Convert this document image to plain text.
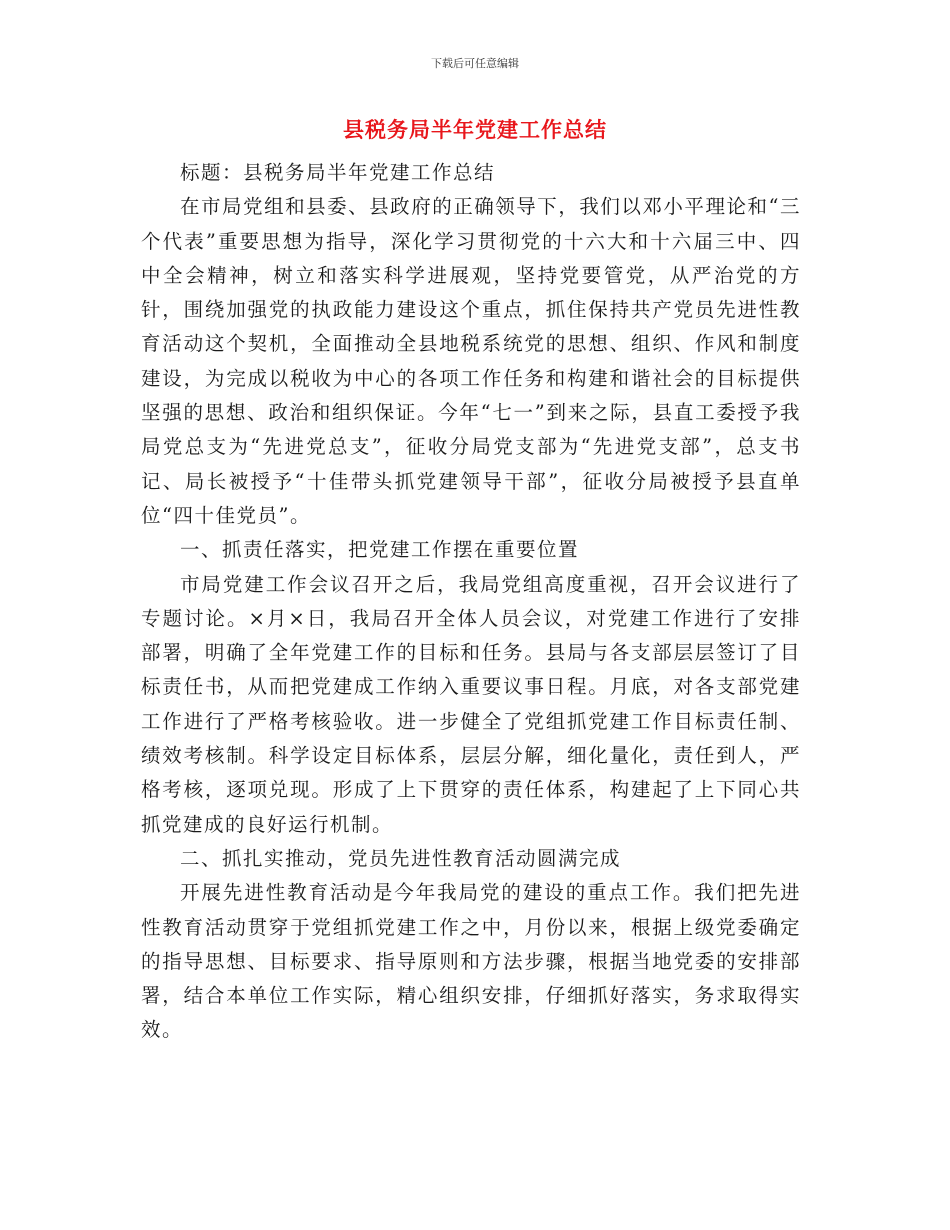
下载后可任意编辑
县税务局半年党建工作总结

标题：县税务局半年党建工作总结

在市局党组和县委、县政府的正确领导下，我们以邓小平理论和“三个代表”重要思想为指导，深化学习贯彻党的十六大和十六届三中、四中全会精神，树立和落实科学进展观，坚持党要管党，从严治党的方针，围绕加强党的执政能力建设这个重点，抓住保持共产党员先进性教育活动这个契机，全面推动全县地税系统党的思想、组织、作风和制度建设，为完成以税收为中心的各项工作任务和构建和谐社会的目标提供坚强的思想、政治和组织保证。今年“七一”到来之际，县直工委授予我局党总支为“先进党总支”，征收分局党支部为“先进党支部”，总支书记、局长被授予“十佳带头抓党建领导干部”，征收分局被授予县直单位“四十佳党员”。

一、抓责任落实，把党建工作摆在重要位置

市局党建工作会议召开之后，我局党组高度重视，召开会议进行了专题讨论。×月×日，我局召开全体人员会议，对党建工作进行了安排部署，明确了全年党建工作的目标和任务。县局与各支部层层签订了目标责任书，从而把党建成工作纳入重要议事日程。月底，对各支部党建工作进行了严格考核验收。进一步健全了党组抓党建工作目标责任制、绩效考核制。科学设定目标体系，层层分解，细化量化，责任到人，严格考核，逐项兑现。形成了上下贯穿的责任体系，构建起了上下同心共抓党建成的良好运行机制。

二、抓扎实推动，党员先进性教育活动圆满完成

开展先进性教育活动是今年我局党的建设的重点工作。我们把先进性教育活动贯穿于党组抓党建工作之中，月份以来，根据上级党委确定的指导思想、目标要求、指导原则和方法步骤，根据当地党委的安排部署，结合本单位工作实际，精心组织安排，仔细抓好落实，务求取得实效。
